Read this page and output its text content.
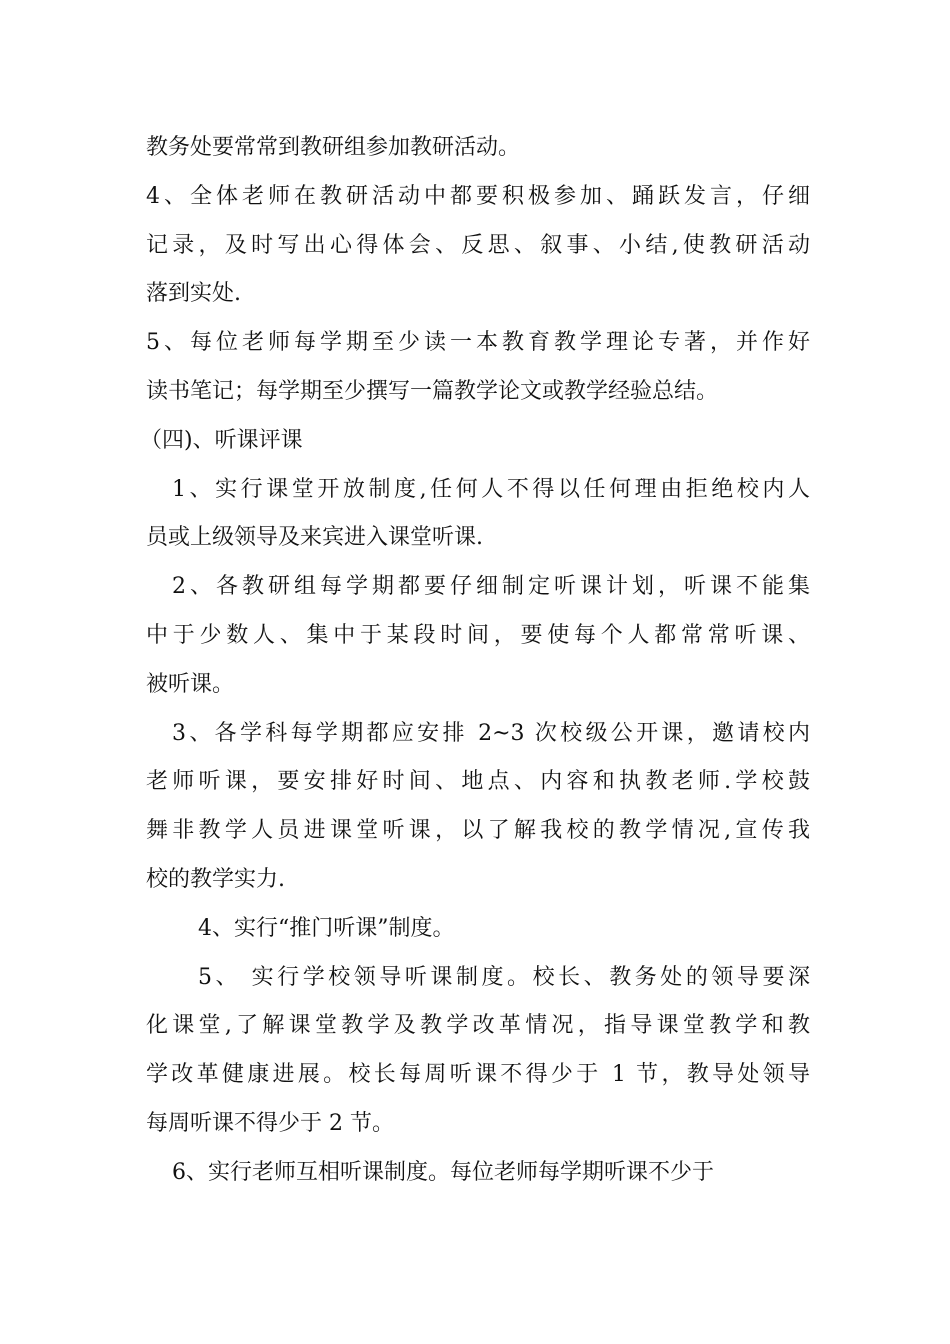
教务处要常常到教研组参加教研活动。
4、全体老师在教研活动中都要积极参加、踊跃发言，仔细
记录，及时写出心得体会、反思、叙事、小结,使教研活动
落到实处.
5、每位老师每学期至少读一本教育教学理论专著，并作好
读书笔记；每学期至少撰写一篇教学论文或教学经验总结。
（四)、听课评课
1、实行课堂开放制度,任何人不得以任何理由拒绝校内人
员或上级领导及来宾进入课堂听课.
2、各教研组每学期都要仔细制定听课计划，听课不能集
中于少数人、集中于某段时间，要使每个人都常常听课、
被听课。
3、各学科每学期都应安排 2~3 次校级公开课，邀请校内
老师听课，要安排好时间、地点、内容和执教老师.学校鼓
舞非教学人员进课堂听课，以了解我校的教学情况,宣传我
校的教学实力.
4、实行“推门听课”制度。
5、 实行学校领导听课制度。校长、教务处的领导要深
化课堂,了解课堂教学及教学改革情况，指导课堂教学和教
学改革健康进展。校长每周听课不得少于 1 节，教导处领导
每周听课不得少于 2 节。
6、实行老师互相听课制度。每位老师每学期听课不少于
